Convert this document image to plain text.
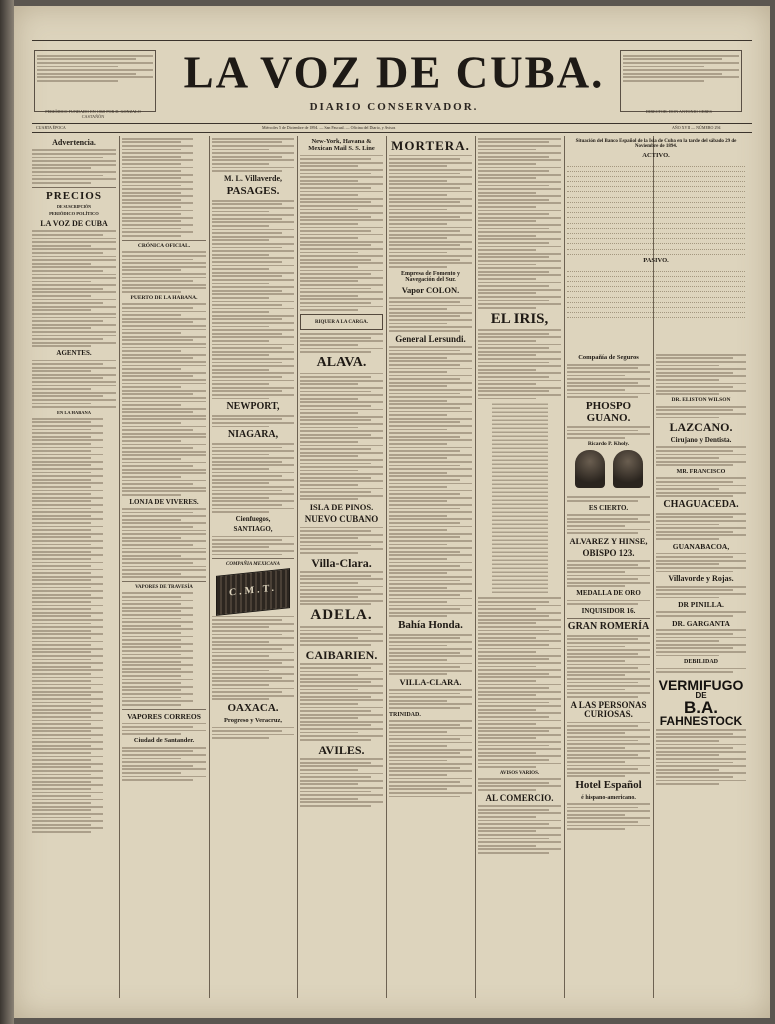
LA VOZ DE CUBA.
DIARIO CONSERVADOR.
PERIÓDICO FUNDADO EN 1868 POR D. GONZALO CASTAÑÓN
DIRECTOR: DON ANTONIO CERES
CUARTA ÉPOCA	Miércoles 5 de Diciembre de 1894. — San Pascual. — Oficina del Diario, y Avisos	AÑO XVII — NÚMERO 294
Advertencia.
PRECIOS
DE SUSCRIPCIÓN
PERIÓDICO POLÍTICO
LA VOZ DE CUBA
AGENTES.
EN LA HABANA
CRÓNICA OFICIAL.
PUERTO DE LA HABANA.
LONJA DE VIVERES.
VAPORES DE TRAVESÍA
VAPORES CORREOS
Ciudad de Santander.
M. L. Villaverde,
PASAGES.
NEWPORT,
NIAGARA,
Cienfuegos,
SANTIAGO,
COMPAÑIA MEXICANA
C.M.T.
OAXACA.
Progreso y Veracruz,
New-York, Havana & Mexican Mail S. S. Line
RIQUER A LA CARGA.
ALAVA.
ISLA DE PINOS.
NUEVO CUBANO
Villa-Clara.
ADELA.
CAIBARIEN.
AVILES.
MORTERA.
Empresa de Fomento y Navegación del Sur.
Vapor COLON.
General Lersundi.
Bahía Honda.
VILLA-CLARA.
TRINIDAD.
EL IRIS,
AVISOS VARIOS.
AL COMERCIO.
Situación del Banco Español de la Isla de Cuba en la tarde del sábado 29 de Noviembre de 1894.
ACTIVO.

PASIVO.

Compañía de Seguros
PHOSPO GUANO.
Ricardo P. Kholy.
ES CIERTO.
ALVAREZ Y HINSE,
OBISPO 123.
MEDALLA DE ORO
INQUISIDOR 16.
GRAN ROMERÍA
A LAS PERSONAS CURIOSAS.
Hotel Español
é hispano-americano.
DR. ELISTON WILSON
LAZCANO.
Cirujano y Dentista.
MR. FRANCISCO
CHAGUACEDA.
GUANABACOA,
Villavorde y Rojas.
DR PINILLA.
DR. GARGANTA
DEBILIDAD
VERMIFUGO
DE
B.A.
FAHNESTOCK
